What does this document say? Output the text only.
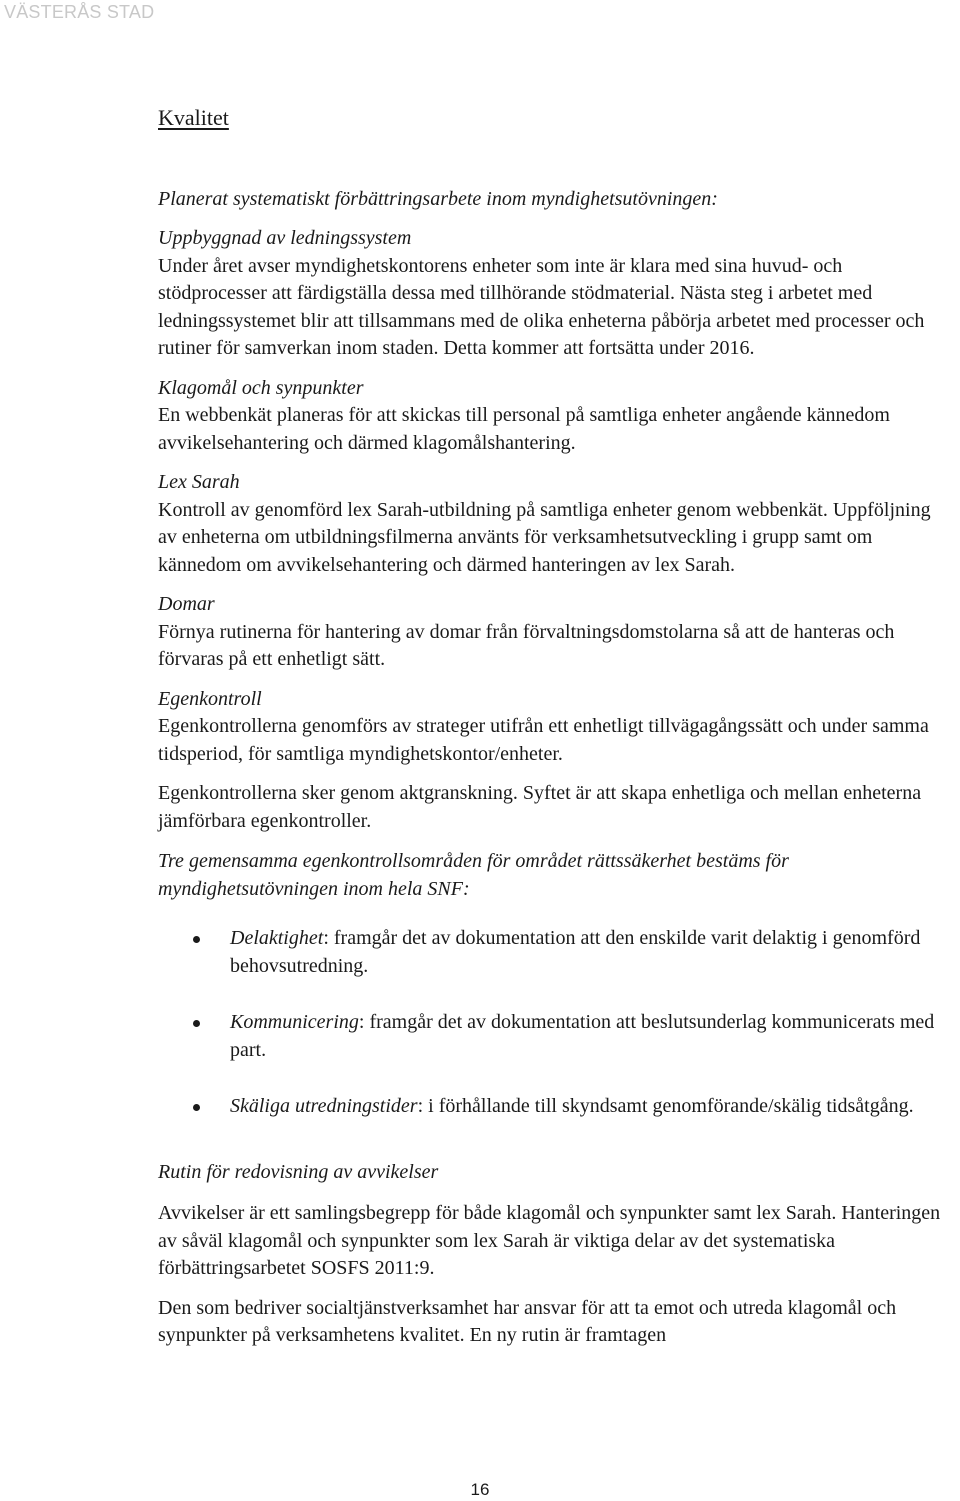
VÄSTERÅS STAD
Kvalitet

Planerat systematiskt förbättringsarbete inom myndighetsutövningen:

Uppbyggnad av ledningssystem

Under året avser myndighetskontorens enheter som inte är klara med sina huvud- och stödprocesser att färdigställa dessa med tillhörande stödmaterial. Nästa steg i arbetet med ledningssystemet blir att tillsammans med de olika enheterna påbörja arbetet med processer och rutiner för samverkan inom staden. Detta kommer att fortsätta under 2016.

Klagomål och synpunkter

En webbenkät planeras för att skickas till personal på samtliga enheter angående kännedom avvikelsehantering och därmed klagomålshantering.

Lex Sarah

Kontroll av genomförd lex Sarah-utbildning på samtliga enheter genom webbenkät. Uppföljning av enheterna om utbildningsfilmerna använts för verksamhetsutveckling i grupp samt om kännedom om avvikelsehantering och därmed hanteringen av lex Sarah.

Domar

Förnya rutinerna för hantering av domar från förvaltningsdomstolarna så att de hanteras och förvaras på ett enhetligt sätt.

Egenkontroll

Egenkontrollerna genomförs av strateger utifrån ett enhetligt tillvägagångssätt och under samma tidsperiod, för samtliga myndighetskontor/enheter.

Egenkontrollerna sker genom aktgranskning. Syftet är att skapa enhetliga och mellan enheterna jämförbara egenkontroller.

Tre gemensamma egenkontrollsområden för området rättssäkerhet bestäms för myndighetsutövningen inom hela SNF:

Delaktighet: framgår det av dokumentation att den enskilde varit delaktig i genomförd behovsutredning.
Kommunicering: framgår det av dokumentation att beslutsunderlag kommunicerats med part.
Skäliga utredningstider: i förhållande till skyndsamt genomförande/skälig tidsåtgång.

Rutin för redovisning av avvikelser

Avvikelser är ett samlingsbegrepp för både klagomål och synpunkter samt lex Sarah. Hanteringen av såväl klagomål och synpunkter som lex Sarah är viktiga delar av det systematiska förbättringsarbetet SOSFS 2011:9.

Den som bedriver socialtjänstverksamhet har ansvar för att ta emot och utreda klagomål och synpunkter på verksamhetens kvalitet. En ny rutin är framtagen

16
